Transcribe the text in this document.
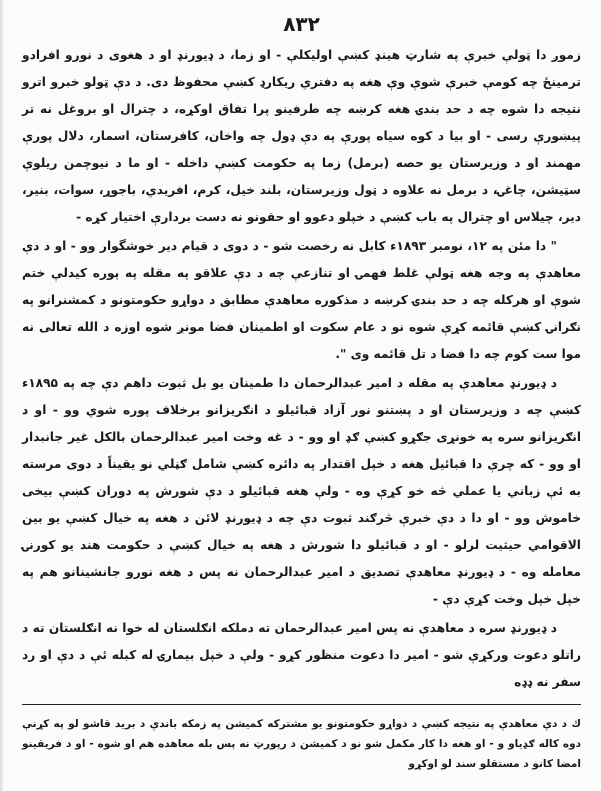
۸۳۲

زموږ دا ټولې خبرې په شارټ هینډ کښې اولیکلې - او زما، د ډیورنډ او د هغوی د نورو افرادو ترمینځ چه کومې خبرې شوې وې هغه په دفتري ریکارډ کښې محفوظ دی. د دې ټولو خبرو اترو نتیجه دا شوه چه د حد بندۍ هغه کرښه چه طرفینو پرا تفاق اوکړه، د چترال او بروغل نه تر پیښورې رسی - او بیا د کوه سیاه پورې په دې ډول چه واخان، کافرستان، اسمار، دلال پورې مهمند او د وزیرستان یو حصه (برمل) زما په حکومت کښې داخله - او ما د نیوچمن ریلوې سټیشن، چاغۍ، د برمل نه علاوه د ټول وزیرستان، بلند خیل، کرم، افریدي، باجوړ، سوات، بنیر، دیر، چیلاس او چترال په باب کښې د خپلو دعوو او حقونو نه دست بردارې اختیار کړه -

" دا مئن په ۱۲، نومبر ۱۸۹۳ء کابل نه رخصت شو - د دوی د قیام دیر خوشگوار وو - او د دې معاهدې په وجه هغه ټولې غلط فهمۍ او تنازعې چه د دې علاقو په مقله په پوره کیدلې ختم شوې او هرکله چه د حد بندۍ کرښه د مذکوره معاهدې مطابق د دواړو حکومتونو د کمشنرانو په نګرانۍ کښې قائمه کړې شوه نو د عام سکوت او اطمینان فضا مونږ شوه اوزه د الله تعالی نه موا ست کوم چه دا فضا د تل قائمه وی ".

د ډیورنډ معاهدې په مقله د امیر عبدالرحمان دا طمینان یو بل ثبوت داهم دې چه په ۱۸۹۵ء کښې چه د وزیرستان او د پښتنو نور آزاد قبائیلو د انګریزانو برخلاف پوره شوي وو - او د انګریزانو سره په خونړی جګړو کښې ګډ او وو - د غه وخت امیر عبدالرحمان بالکل غیر جانبدار او وو - که چرې دا قبائیل هغه د خپل اقتدار په دائره کښې شامل ګڼلي نو یقیناً د دوی مرسته به ئې زباني یا عملي څه خو کړې وه - ولې هغه قبائیلو د دې شورش په دوران کښې بیخی خاموش وو - او دا د دې خبرې څرګند ثبوت دې چه د ډیورنډ لائن د هغه په خیال کښې یو بین الاقوامي حیثیت لرلو - او د قبائیلو دا شورش د هغه په خیال کښې د حکومت هند یو کورنۍ معامله وه - د ډیورنډ معاهدې تصدیق د امیر عبدالرحمان نه پس د هغه نورو جانشینانو هم په خپل خپل وخت کړې دې -

د ډیورنډ سره د معاهدې نه پس امیر عبدالرحمان ته دملکه انګلستان له خوا نه انګلستان ته د راتلو دعوت ورکړې شو - امیر دا دعوت منظور کړو - ولې د خپل بیمارۍ له کبله ئې د دې او رد سفر نه ډډه

ك د دې معاهدې په نتیجه کښې د دواړو حکومتونو یو مشترکه کمیشن په زمکه باندې د برید قاشو لو په کړنې دوه کاله ګډیاو و - او هغه دا کار مکمل شو نو د کمیشن د رپورټ نه پس بله معاهده هم او شوه - او د فریقینو امضا کانو د مستقلو سند لو اوکړو
